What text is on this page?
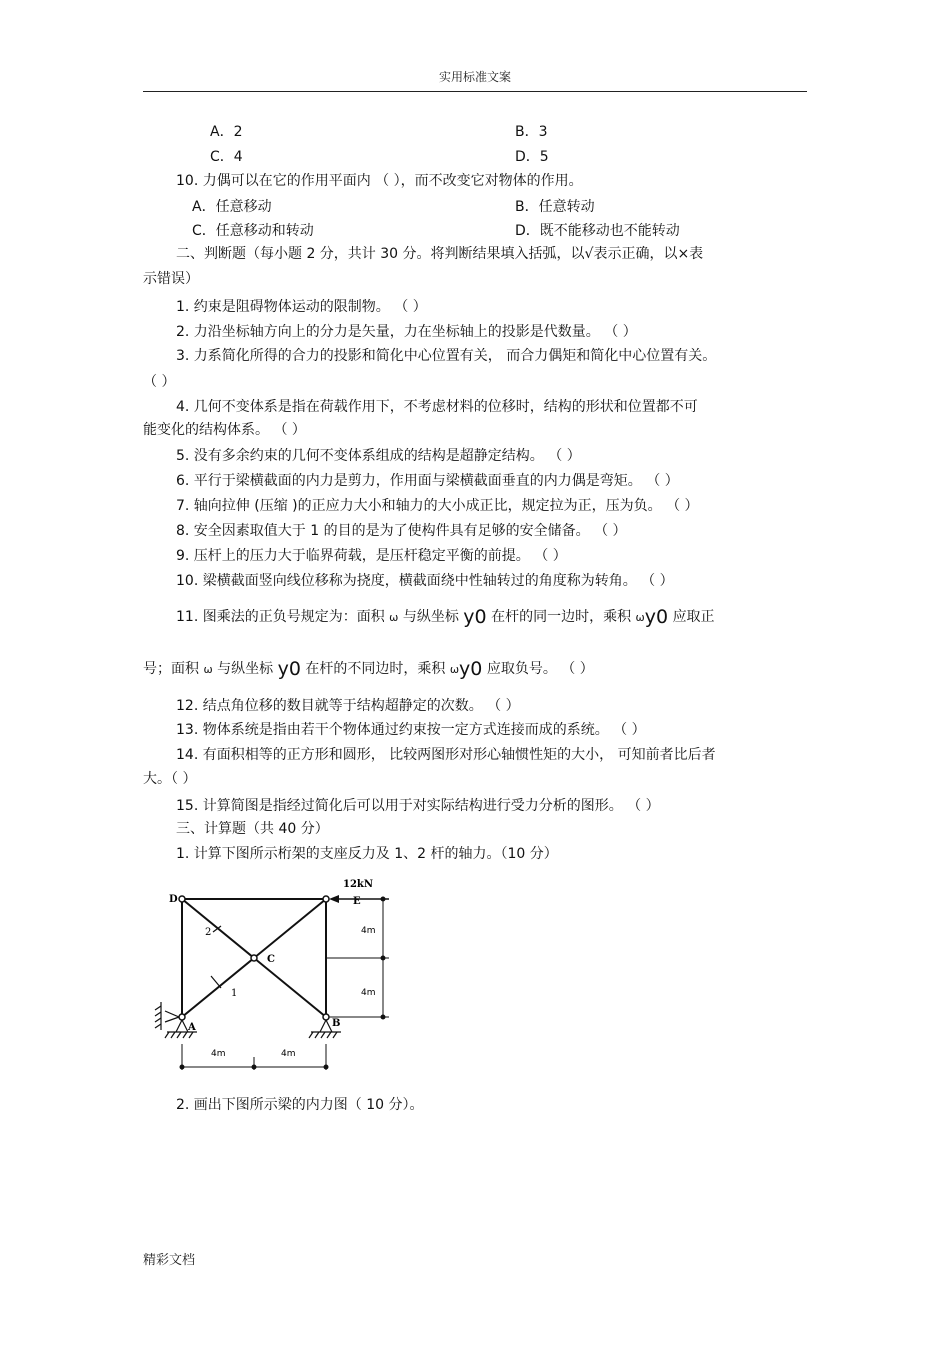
实用标准文案
A．2	B．3
C．4	D．5
10. 力偶可以在它的作用平面内 （ ），而不改变它对物体的作用。
A．任意移动	B．任意转动
C．任意移动和转动	D．既不能移动也不能转动
二、判断题（每小题 2 分，共计 30 分。将判断结果填入括弧，以√表示正确，以×表
示错误）
1. 约束是阻碍物体运动的限制物。 （ ）
2. 力沿坐标轴方向上的分力是矢量，力在坐标轴上的投影是代数量。 （ ）
3. 力系简化所得的合力的投影和简化中心位置有关， 而合力偶矩和简化中心位置有关。
（ ）
4. 几何不变体系是指在荷载作用下，不考虑材料的位移时，结构的形状和位置都不可
能变化的结构体系。 （ ）
5. 没有多余约束的几何不变体系组成的结构是超静定结构。 （ ）
6. 平行于梁横截面的内力是剪力，作用面与梁横截面垂直的内力偶是弯矩。 （ ）
7. 轴向拉伸 (压缩 )的正应力大小和轴力的大小成正比，规定拉为正，压为负。 （ ）
8. 安全因素取值大于 1 的目的是为了使构件具有足够的安全储备。 （ ）
9. 压杆上的压力大于临界荷载，是压杆稳定平衡的前提。 （ ）
10. 梁横截面竖向线位移称为挠度，横截面绕中性轴转过的角度称为转角。 （ ）
11. 图乘法的正负号规定为：面积 ω 与纵坐标 y0 在杆的同一边时，乘积 ωy0 应取正
号；面积 ω 与纵坐标 y0 在杆的不同边时，乘积 ωy0 应取负号。 （ ）
12. 结点角位移的数目就等于结构超静定的次数。 （ ）
13. 物体系统是指由若干个物体通过约束按一定方式连接而成的系统。 （ ）
14. 有面积相等的正方形和圆形， 比较两图形对形心轴惯性矩的大小， 可知前者比后者
大。（ ）
15. 计算简图是指经过简化后可以用于对实际结构进行受力分析的图形。 （ ）
三、计算题（共 40 分）
1. 计算下图所示桁架的支座反力及 1、2 杆的轴力。（10 分）
2
1
D	E
C
A	B
12kN
4m
4m
4m	4m
2. 画出下图所示梁的内力图（ 10 分）。
精彩文档
